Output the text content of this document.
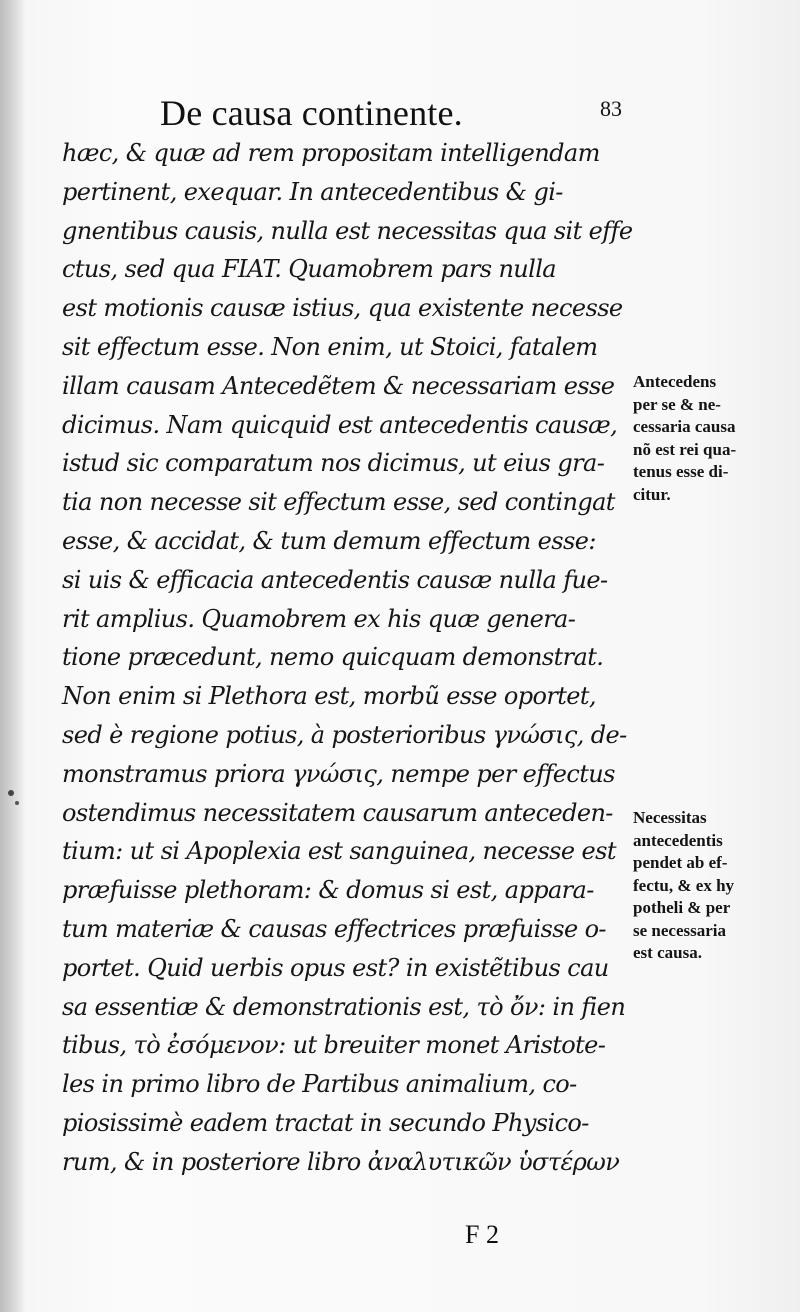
De causa continente.	83
hæc, & quæ ad rem propositam intelligendam
pertinent, exequar. In antecedentibus & gi-
gnentibus causis, nulla est necessitas qua sit effe
ctus, sed qua FIAT. Quamobrem pars nulla
est motionis causæ istius, qua existente necesse
sit effectum esse. Non enim, ut Stoici, fatalem
illam causam Antecedẽtem & necessariam esse
dicimus. Nam quicquid est antecedentis causæ,
istud sic comparatum nos dicimus, ut eius gra-
tia non necesse sit effectum esse, sed contingat
esse, & accidat, & tum demum effectum esse:
si uis & efficacia antecedentis causæ nulla fue-
rit amplius. Quamobrem ex his quæ genera-
tione præcedunt, nemo quicquam demonstrat.
Non enim si Plethora est, morbũ esse oportet,
sed è regione potius, à posterioribus γνώσις, de-
monstramus priora γνώσις, nempe per effectus
ostendimus necessitatem causarum anteceden-
tium: ut si Apoplexia est sanguinea, necesse est
præfuisse plethoram: & domus si est, appara-
tum materiæ & causas effectrices præfuisse o-
portet. Quid uerbis opus est? in existẽtibus cau
sa essentiæ & demonstrationis est, τὸ ὄν: in fien
tibus, τὸ ἐσόμενον: ut breuiter monet Aristote-
les in primo libro de Partibus animalium, co-
piosissimè eadem tractat in secundo Physico-
rum, & in posteriore libro ἀναλυτικῶν ὑστέρων
Antecedens
per se & ne-
cessaria causa
nõ est rei qua-
tenus esse di-
citur.
Necessitas
antecedentis
pendet ab ef-
fectu, & ex hy
potheli & per
se necessaria
est causa.
F 2
